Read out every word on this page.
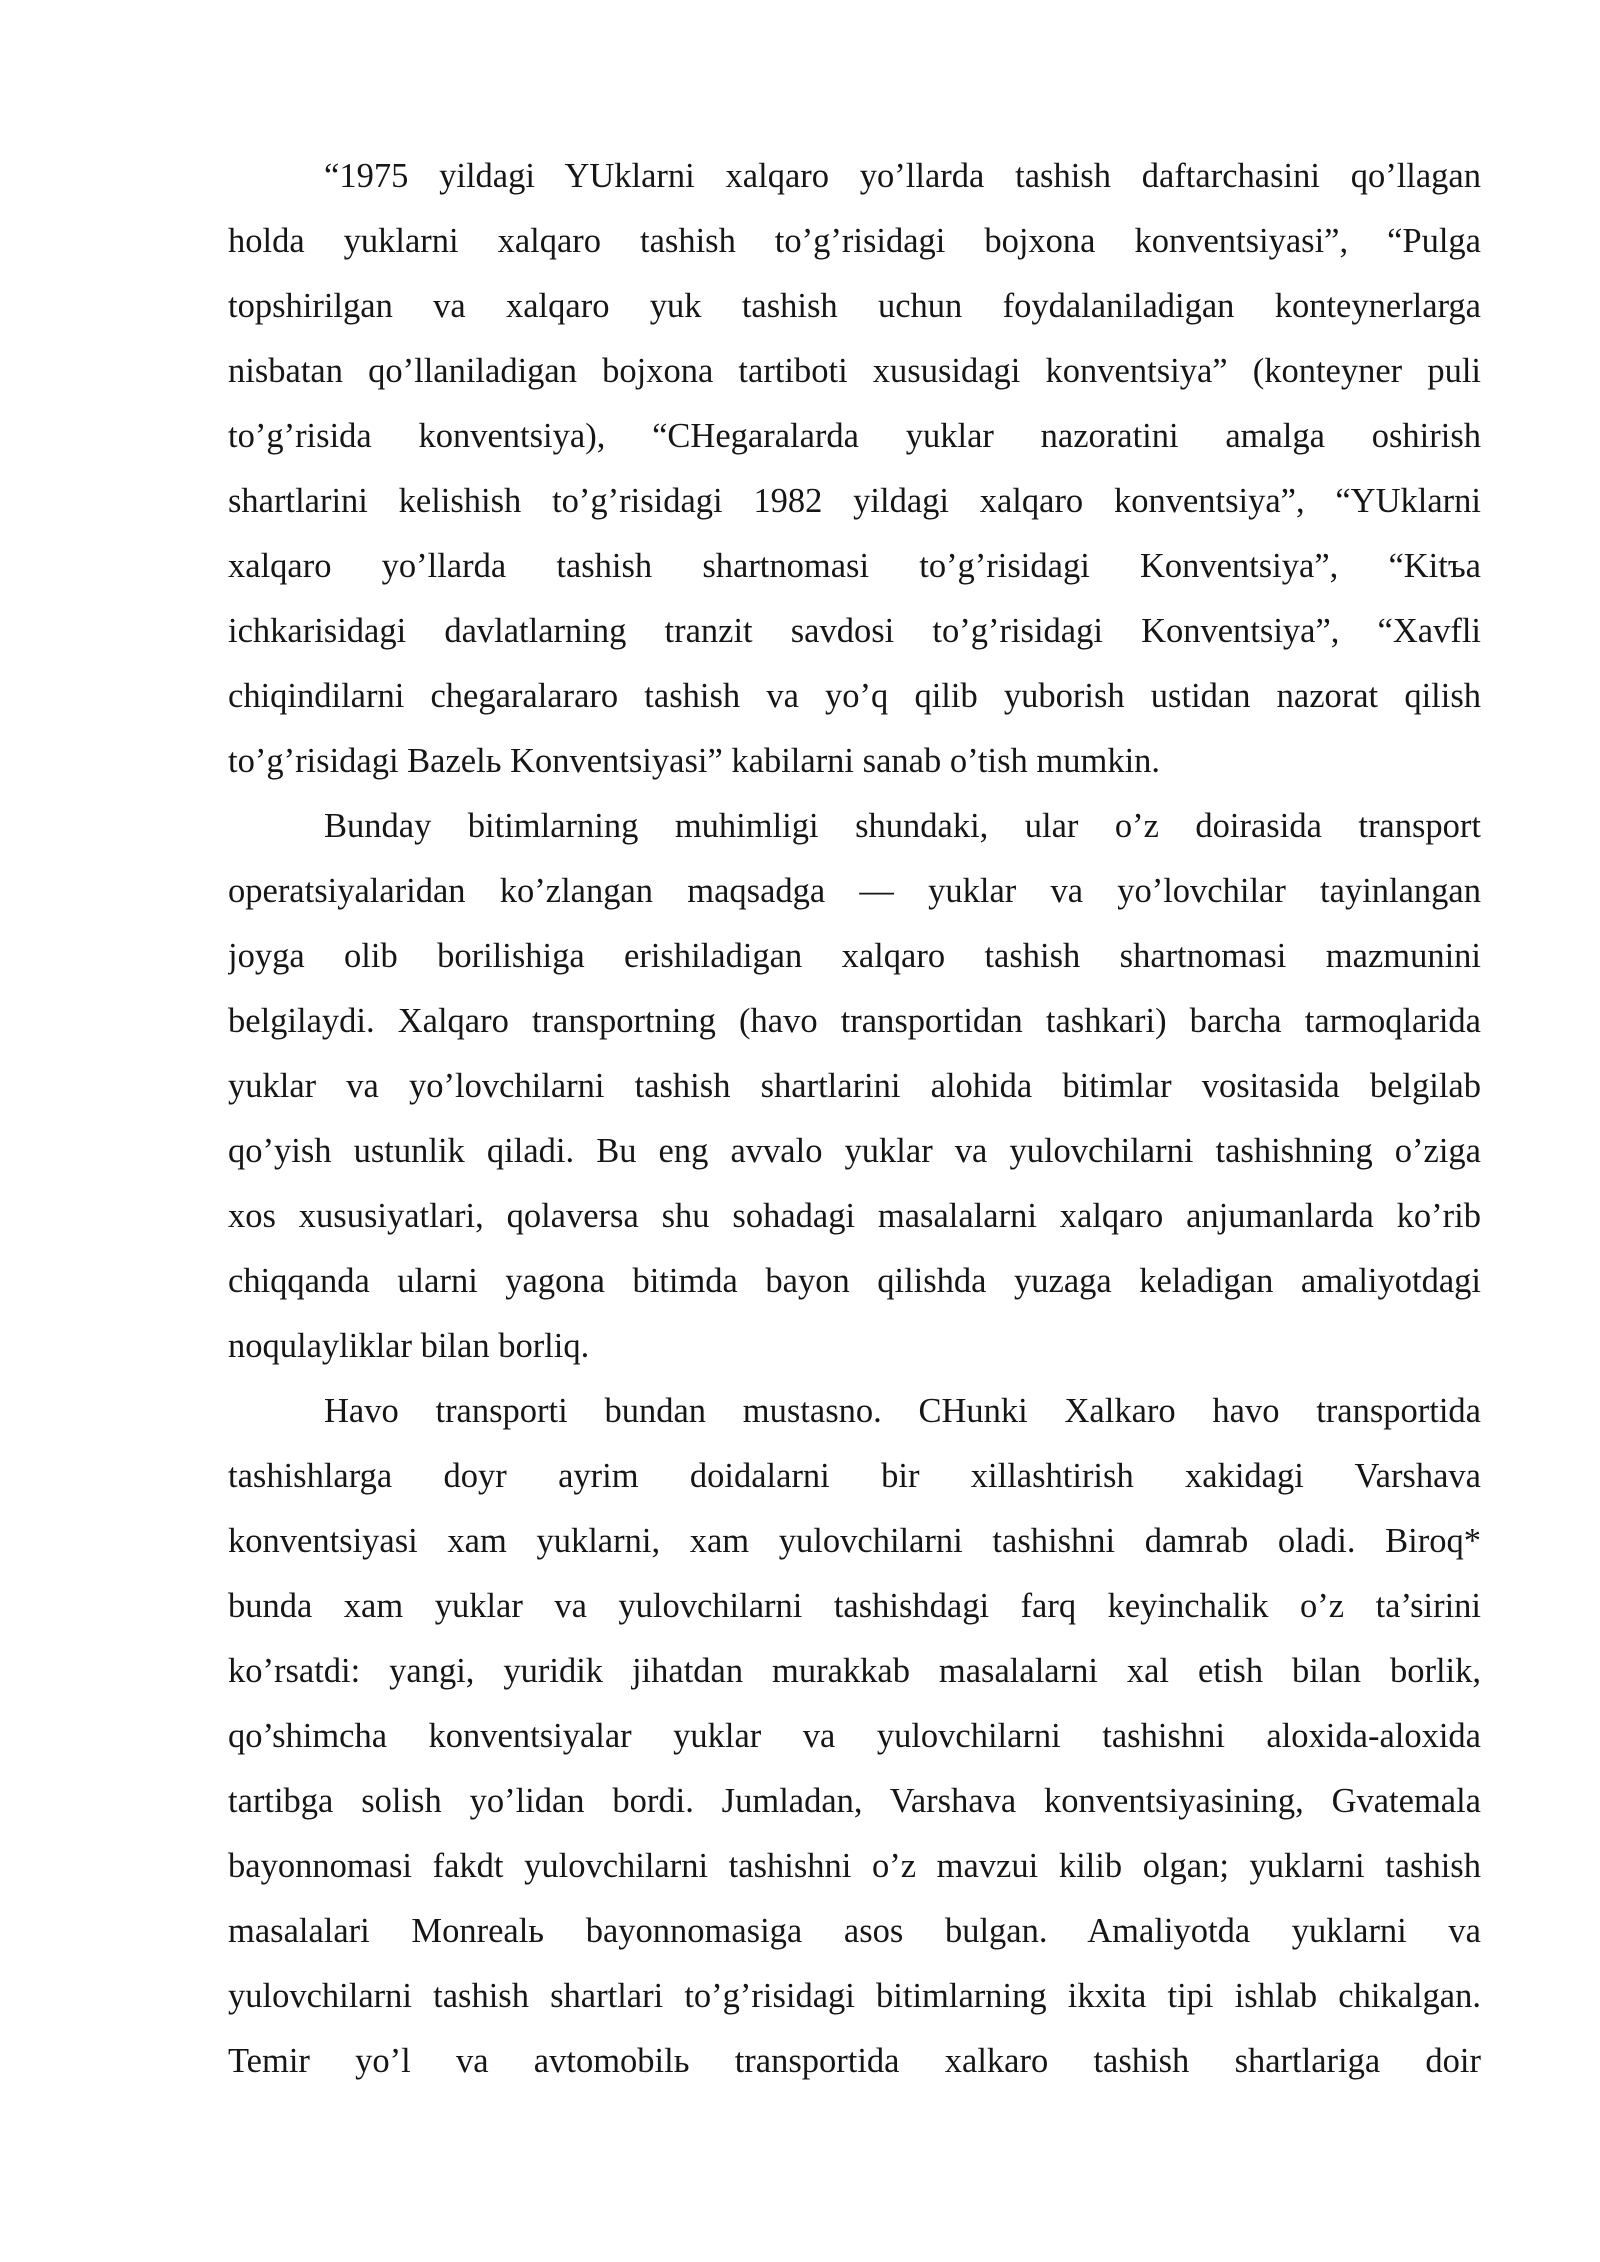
“1975 yildagi YUklarni xalqaro yo’llarda tashish daftarchasini qo’llagan
holda yuklarni xalqaro tashish to’g’risidagi bojxona konventsiyasi”, “Pulga
topshirilgan va xalqaro yuk tashish uchun foydalaniladigan konteynerlarga
nisbatan qo’llaniladigan bojxona tartiboti xususidagi konventsiya” (konteyner puli
to’g’risida konventsiya), “CHegaralarda yuklar nazoratini amalga oshirish
shartlarini kelishish to’g’risidagi 1982 yildagi xalqaro konventsiya”, “YUklarni
xalqaro yo’llarda tashish shartnomasi to’g’risidagi Konventsiya”, “Kitъa
ichkarisidagi davlatlarning tranzit savdosi to’g’risidagi Konventsiya”, “Xavfli
chiqindilarni chegaralararo tashish va yo’q qilib yuborish ustidan nazorat qilish
to’g’risidagi Bazelь Konventsiyasi” kabilarni sanab o’tish mumkin.
Bunday bitimlarning muhimligi shundaki, ular o’z doirasida transport
operatsiyalaridan ko’zlangan maqsadga — yuklar va yo’lovchilar tayinlangan
joyga olib borilishiga erishiladigan xalqaro tashish shartnomasi mazmunini
belgilaydi. Xalqaro transportning (havo transportidan tashkari) barcha tarmoqlarida
yuklar va yo’lovchilarni tashish shartlarini alohida bitimlar vositasida belgilab
qo’yish ustunlik qiladi. Bu eng avvalo yuklar va yulovchilarni tashishning o’ziga
xos xususiyatlari, qolaversa shu sohadagi masalalarni xalqaro anjumanlarda ko’rib
chiqqanda ularni yagona bitimda bayon qilishda yuzaga keladigan amaliyotdagi
noqulayliklar bilan borliq.
Havo transporti bundan mustasno. CHunki Xalkaro havo transportida
tashishlarga doyr ayrim doidalarni bir xillashtirish xakidagi Varshava
konventsiyasi xam yuklarni, xam yulovchilarni tashishni damrab oladi. Biroq*
bunda xam yuklar va yulovchilarni tashishdagi farq keyinchalik o’z ta’sirini
ko’rsatdi: yangi, yuridik jihatdan murakkab masalalarni xal etish bilan borlik,
qo’shimcha konventsiyalar yuklar va yulovchilarni tashishni aloxida-aloxida
tartibga solish yo’lidan bordi. Jumladan, Varshava konventsiyasining, Gvatemala
bayonnomasi fakdt yulovchilarni tashishni o’z mavzui kilib olgan; yuklarni tashish
masalalari Monrealь bayonnomasiga asos bulgan. Amaliyotda yuklarni va
yulovchilarni tashish shartlari to’g’risidagi bitimlarning ikxita tipi ishlab chikalgan.
Temir yo’l va avtomobilь transportida xalkaro tashish shartlariga doir
